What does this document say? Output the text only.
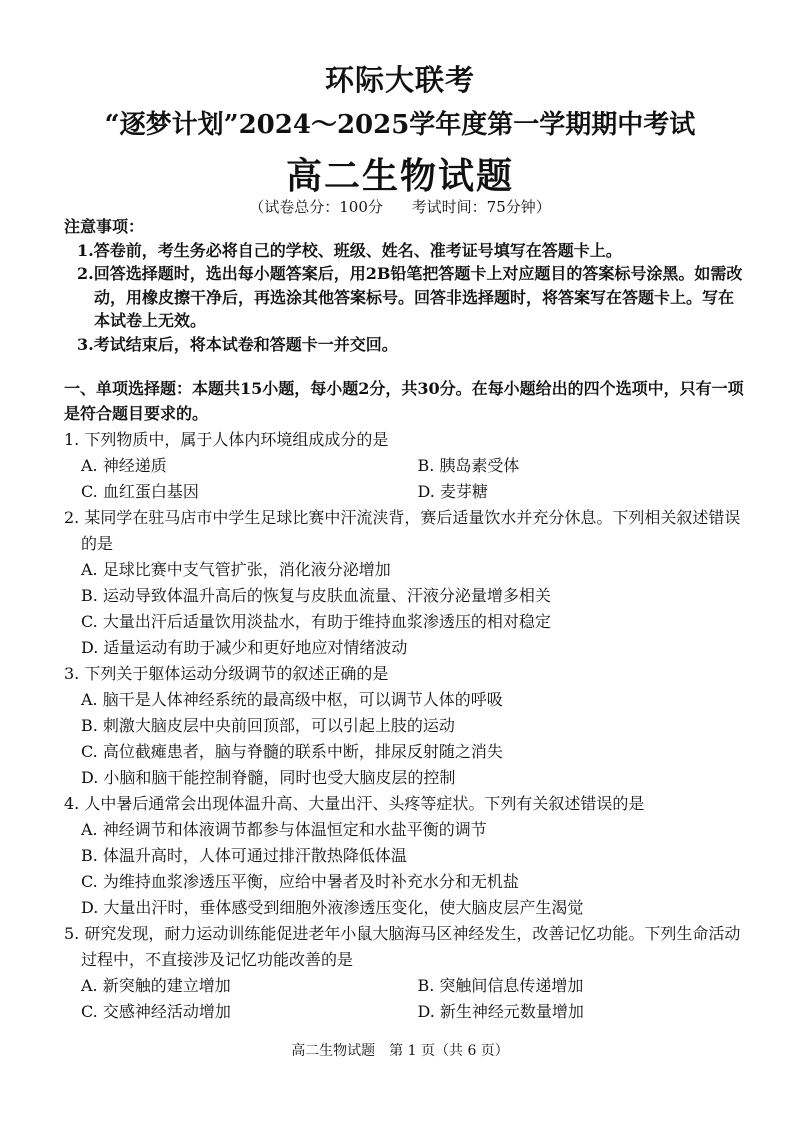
环际大联考
“逐梦计划”2024～2025学年度第一学期期中考试
高二生物试题
（试卷总分：100分 考试时间：75分钟）
注意事项：
1.答卷前，考生务必将自己的学校、班级、姓名、准考证号填写在答题卡上。
2.回答选择题时，选出每小题答案后，用2B铅笔把答题卡上对应题目的答案标号涂黑。如需改动，用橡皮擦干净后，再选涂其他答案标号。回答非选择题时，将答案写在答题卡上。写在本试卷上无效。
3.考试结束后，将本试卷和答题卡一并交回。
一、单项选择题：本题共15小题，每小题2分，共30分。在每小题给出的四个选项中，只有一项是符合题目要求的。
1. 下列物质中，属于人体内环境组成成分的是
A. 神经递质	B. 胰岛素受体
C. 血红蛋白基因	D. 麦芽糖
2. 某同学在驻马店市中学生足球比赛中汗流浃背，赛后适量饮水并充分休息。下列相关叙述错误的是
A. 足球比赛中支气管扩张，消化液分泌增加
B. 运动导致体温升高后的恢复与皮肤血流量、汗液分泌量增多相关
C. 大量出汗后适量饮用淡盐水，有助于维持血浆渗透压的相对稳定
D. 适量运动有助于减少和更好地应对情绪波动
3. 下列关于躯体运动分级调节的叙述正确的是
A. 脑干是人体神经系统的最高级中枢，可以调节人体的呼吸
B. 刺激大脑皮层中央前回顶部，可以引起上肢的运动
C. 高位截瘫患者，脑与脊髓的联系中断，排尿反射随之消失
D. 小脑和脑干能控制脊髓，同时也受大脑皮层的控制
4. 人中暑后通常会出现体温升高、大量出汗、头疼等症状。下列有关叙述错误的是
A. 神经调节和体液调节都参与体温恒定和水盐平衡的调节
B. 体温升高时，人体可通过排汗散热降低体温
C. 为维持血浆渗透压平衡，应给中暑者及时补充水分和无机盐
D. 大量出汗时，垂体感受到细胞外液渗透压变化，使大脑皮层产生渴觉
5. 研究发现，耐力运动训练能促进老年小鼠大脑海马区神经发生，改善记忆功能。下列生命活动过程中，不直接涉及记忆功能改善的是
A. 新突触的建立增加	B. 突触间信息传递增加
C. 交感神经活动增加	D. 新生神经元数量增加
高二生物试题　第 1 页（共 6 页）
